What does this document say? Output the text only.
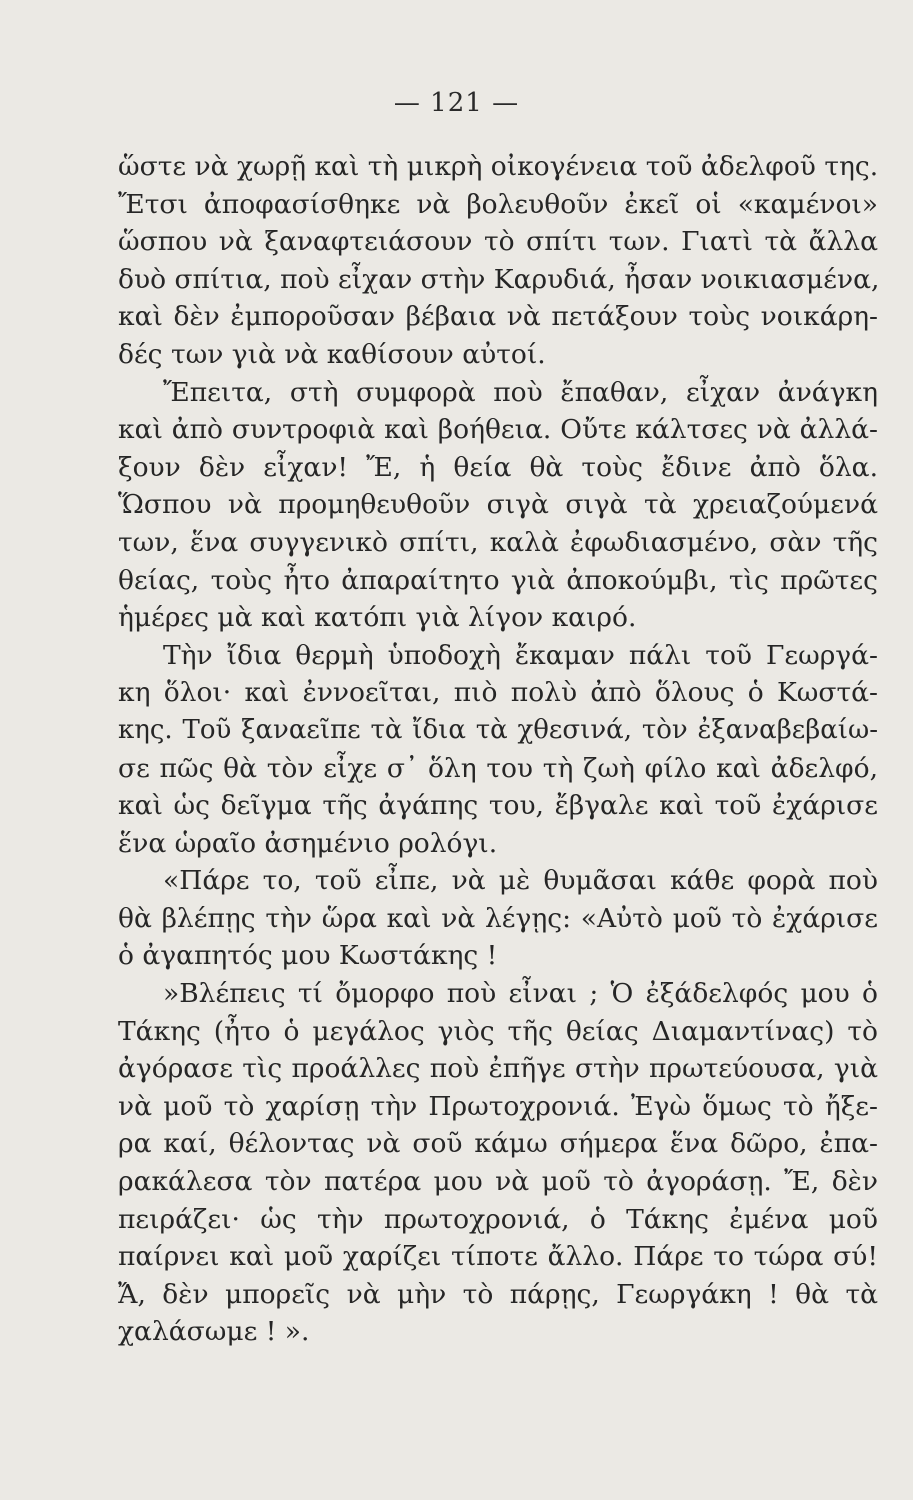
— 121 —

ὥστε νὰ χωρῇ καὶ τὴ μικρὴ οἰκογένεια τοῦ ἀδελφοῦ της.
Ἔτσι ἀποφασίσθηκε νὰ βολευθοῦν ἐκεῖ οἱ «καμένοι»
ὥσπου νὰ ξαναφτειάσουν τὸ σπίτι των. Γιατὶ τὰ ἄλλα
δυὸ σπίτια, ποὺ εἶχαν στὴν Καρυδιά, ἦσαν νοικιασμένα,
καὶ δὲν ἐμποροῦσαν βέβαια νὰ πετάξουν τοὺς νοικάρη-
δές των γιὰ νὰ καθίσουν αὐτοί.
Ἔπειτα, στὴ συμφορὰ ποὺ ἔπαθαν, εἶχαν ἀνάγκη
καὶ ἀπὸ συντροφιὰ καὶ βοήθεια. Οὔτε κάλτσες νὰ ἀλλά-
ξουν δὲν εἶχαν! Ἔ, ἡ θεία θὰ τοὺς ἔδινε ἀπὸ ὅλα.
Ὥσπου νὰ προμηθευθοῦν σιγὰ σιγὰ τὰ χρειαζούμενά
των, ἕνα συγγενικὸ σπίτι, καλὰ ἐφωδιασμένο, σὰν τῆς
θείας, τοὺς ἦτο ἀπαραίτητο γιὰ ἀποκούμβι, τὶς πρῶτες
ἡμέρες μὰ καὶ κατόπι γιὰ λίγον καιρό.
Τὴν ἴδια θερμὴ ὑποδοχὴ ἔκαμαν πάλι τοῦ Γεωργά-
κη ὅλοι· καὶ ἐννοεῖται, πιὸ πολὺ ἀπὸ ὅλους ὁ Κωστά-
κης. Τοῦ ξαναεῖπε τὰ ἴδια τὰ χθεσινά, τὸν ἐξαναβεβαίω-
σε πῶς θὰ τὸν εἶχε σ᾽ ὅλη του τὴ ζωὴ φίλο καὶ ἀδελφό,
καὶ ὡς δεῖγμα τῆς ἀγάπης του, ἔβγαλε καὶ τοῦ ἐχάρισε
ἕνα ὡραῖο ἀσημένιο ρολόγι.
«Πάρε το, τοῦ εἶπε, νὰ μὲ θυμᾶσαι κάθε φορὰ ποὺ
θὰ βλέπῃς τὴν ὥρα καὶ νὰ λέγῃς: «Αὐτὸ μοῦ τὸ ἐχάρισε
ὁ ἀγαπητός μου Κωστάκης !
»Βλέπεις τί ὄμορφο ποὺ εἶναι ; Ὁ ἐξάδελφός μου ὁ
Τάκης (ἦτο ὁ μεγάλος γιὸς τῆς θείας Διαμαντίνας) τὸ
ἀγόρασε τὶς προάλλες ποὺ ἐπῆγε στὴν πρωτεύουσα, γιὰ
νὰ μοῦ τὸ χαρίσῃ τὴν Πρωτοχρονιά. Ἐγὼ ὅμως τὸ ἤξε-
ρα καί, θέλοντας νὰ σοῦ κάμω σήμερα ἕνα δῶρο, ἐπα-
ρακάλεσα τὸν πατέρα μου νὰ μοῦ τὸ ἀγοράσῃ. Ἔ, δὲν
πειράζει· ὡς τὴν πρωτοχρονιά, ὁ Τάκης ἐμένα μοῦ
παίρνει καὶ μοῦ χαρίζει τίποτε ἄλλο. Πάρε το τώρα σύ!
Ἄ, δὲν μπορεῖς νὰ μὴν τὸ πάρῃς, Γεωργάκη ! θὰ τὰ
χαλάσωμε ! ».
